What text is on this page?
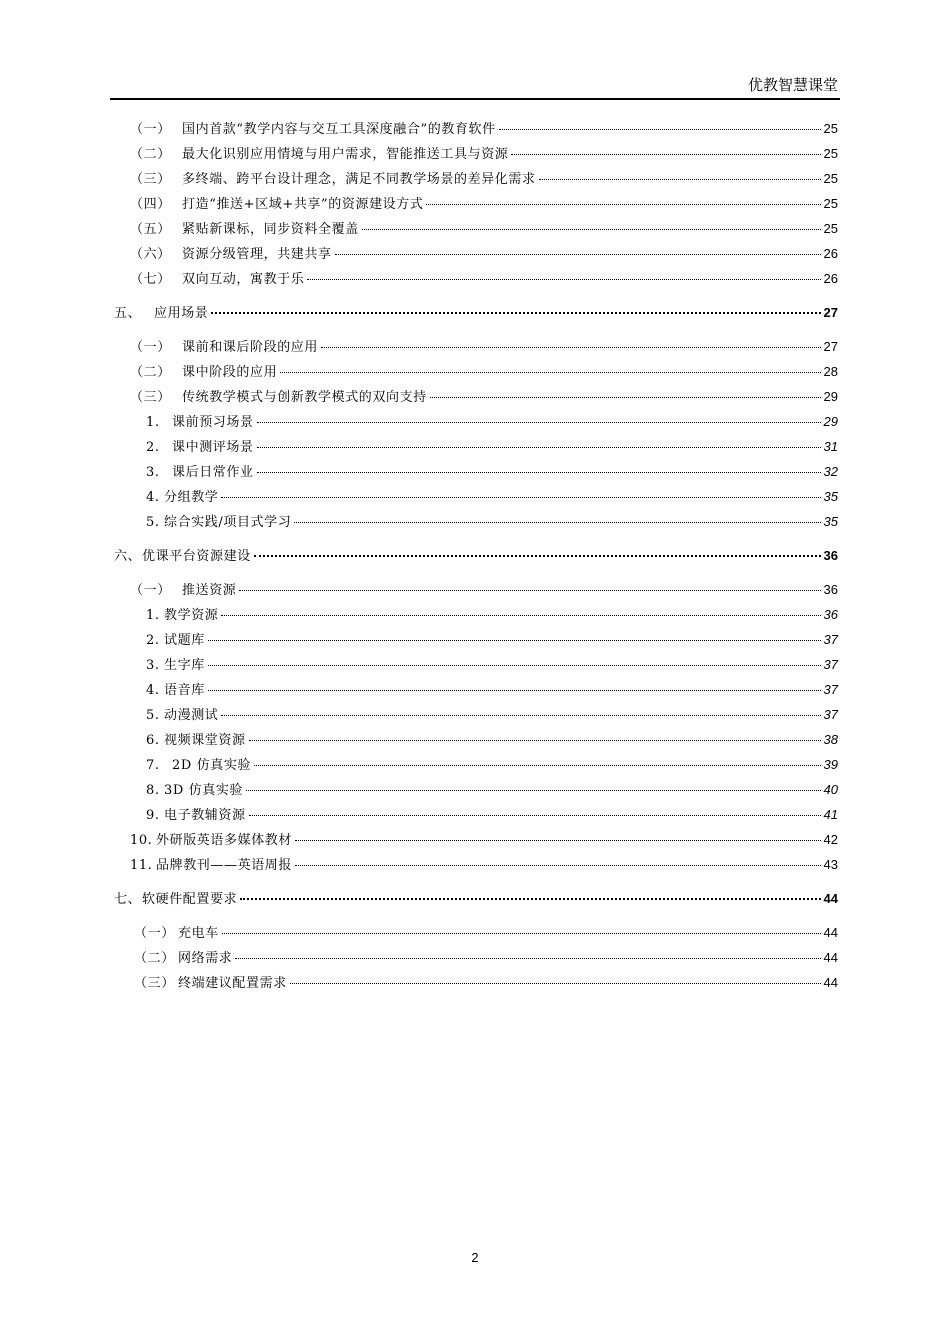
优教智慧课堂
（一） 国内首款“教学内容与交互工具深度融合”的教育软件	25
（二） 最大化识别应用情境与用户需求，智能推送工具与资源	25
（三） 多终端、跨平台设计理念，满足不同教学场景的差异化需求	25
（四） 打造“推送+区域+共享”的资源建设方式	25
（五） 紧贴新课标，同步资料全覆盖	25
（六） 资源分级管理，共建共享	26
（七） 双向互动，寓教于乐	26
五、 应用场景	27
（一） 课前和课后阶段的应用	27
（二） 课中阶段的应用	28
（三） 传统教学模式与创新教学模式的双向支持	29
1. 课前预习场景	29
2. 课中测评场景	31
3. 课后日常作业	32
4. 分组教学	35
5. 综合实践/项目式学习	35
六、 优课平台资源建设	36
（一） 推送资源	36
1. 教学资源	36
2. 试题库	37
3. 生字库	37
4. 语音库	37
5. 动漫测试	37
6. 视频课堂资源	38
7. 2D 仿真实验	39
8. 3D 仿真实验	40
9. 电子教辅资源	41
10. 外研版英语多媒体教材	42
11. 品牌教刊——英语周报	43
七、 软硬件配置要求	44
（一） 充电车	44
（二） 网络需求	44
（三） 终端建议配置需求	44
2
